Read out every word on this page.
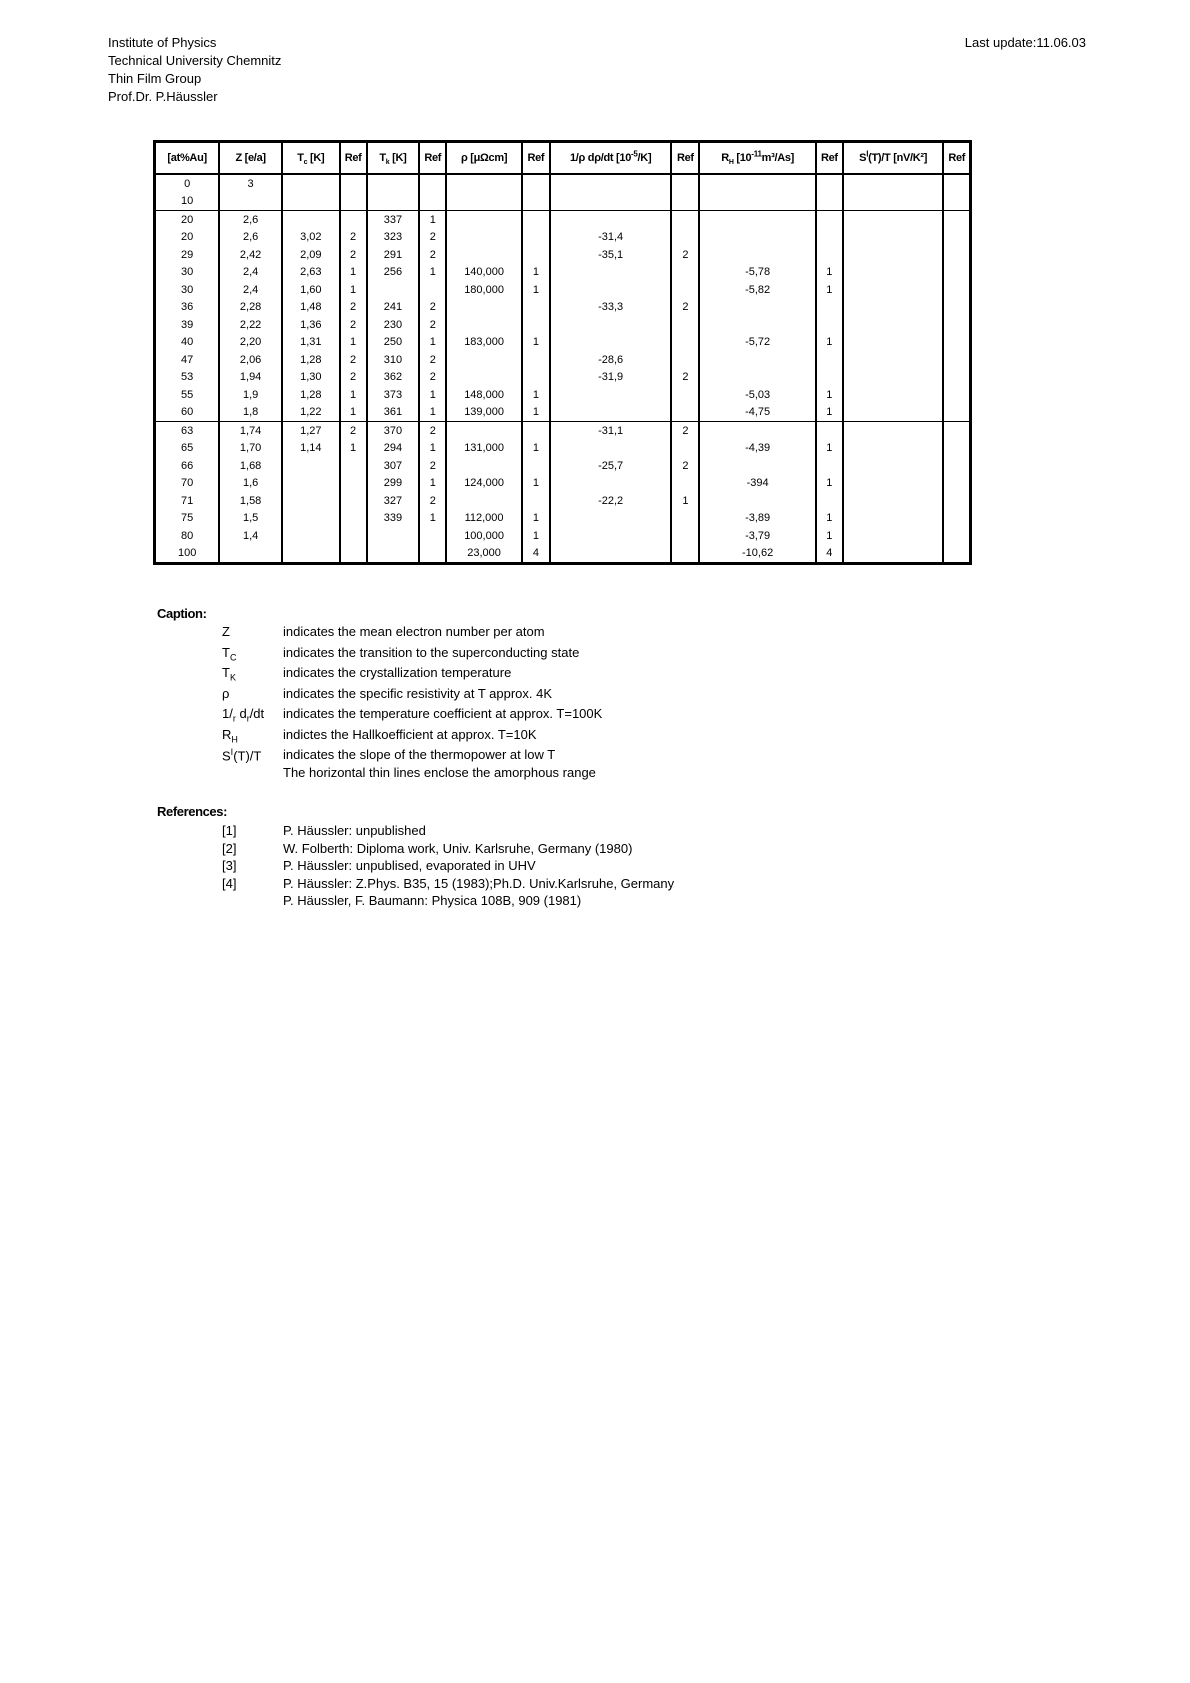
Institute of Physics
Technical University Chemnitz
Thin Film Group
Prof.Dr. P.Häussler
Last update:11.06.03
[at%Au]	Z [e/a]	$T_c$ [K]	Ref	$T_k$ [K]	Ref	ρ [μΩcm]	Ref	1/ρ dρ/dt $[10^{-5}/K]$	Ref	$R_H$ $[10^{-11}m^3/As]$	Ref	$S^I(T)/T$ [nV/K²]	Ref
0	3												
10													
20	2,6			337	1								
20	2,6	3,02	2	323	2			-31,4					
29	2,42	2,09	2	291	2			-35,1	2				
30	2,4	2,63	1	256	1	140,000	1			-5,78	1		
30	2,4	1,60	1			180,000	1			-5,82	1		
36	2,28	1,48	2	241	2			-33,3	2				
39	2,22	1,36	2	230	2								
40	2,20	1,31	1	250	1	183,000	1			-5,72	1		
47	2,06	1,28	2	310	2			-28,6					
53	1,94	1,30	2	362	2			-31,9	2				
55	1,9	1,28	1	373	1	148,000	1			-5,03	1		
60	1,8	1,22	1	361	1	139,000	1			-4,75	1		
63	1,74	1,27	2	370	2			-31,1	2				
65	1,70	1,14	1	294	1	131,000	1			-4,39	1		
66	1,68			307	2			-25,7	2				
70	1,6			299	1	124,000	1			-394	1		
71	1,58			327	2			-22,2	1				
75	1,5			339	1	112,000	1			-3,89	1		
80	1,4					100,000	1			-3,79	1		
100						23,000	4			-10,62	4		
Caption:
Z	indicates the mean electron number per atom
$T_C$	indicates the transition to the superconducting state
$T_K$	indicates the crystallization temperature
ρ	indicates the specific resistivity at T approx. 4K
$1/_r$ $d_r/dt$	indicates the temperature coefficient at approx. T=100K
$R_H$	indictes the Hallkoefficient at approx. T=10K
$S^I(T)/T$	indicates the slope of the thermopower at low T
The horizontal thin lines enclose the amorphous range
References:
[1]	P. Häussler: unpublished
[2]	W. Folberth: Diploma work, Univ. Karlsruhe, Germany (1980)
[3]	P. Häussler: unpublised, evaporated in UHV
[4]	P. Häussler: Z.Phys. B35, 15 (1983);Ph.D. Univ.Karlsruhe, Germany
P. Häussler, F. Baumann: Physica 108B, 909 (1981)
